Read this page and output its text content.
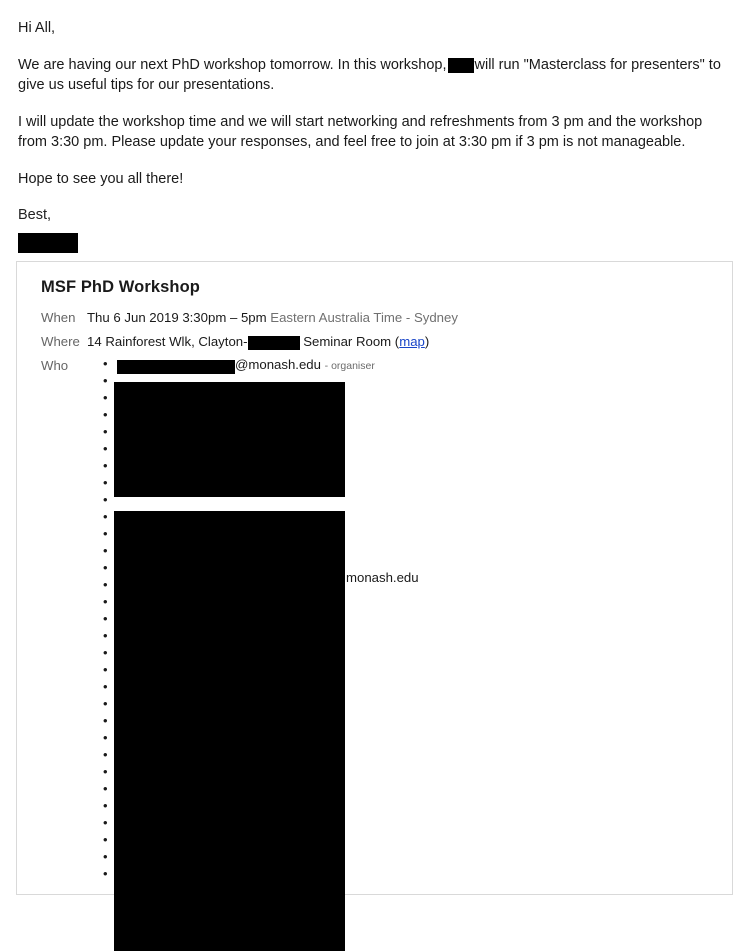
Hi All,

We are having our next PhD workshop tomorrow. In this workshop, will run "Masterclass for presenters" to give us useful tips for our presentations.

I will update the workshop time and we will start networking and refreshments from 3 pm and the workshop from 3:30 pm. Please update your responses, and feel free to join at 3:30 pm if 3 pm is not manageable.

Hope to see you all there!

Best,

MSF PhD Workshop
When Thu 6 Jun 2019 3:30pm – 5pm Eastern Australia Time - Sydney
Where 14 Rainforest Wlk, Clayton-	Seminar Room (map)
Who	• @monash.edu - organiser
•
•
•
•
•
•
•
•
•
•
•
•
•
•
•
•
•
•
•
•
•
•
•
•
•
•
•
•
•
•
monash.edu
